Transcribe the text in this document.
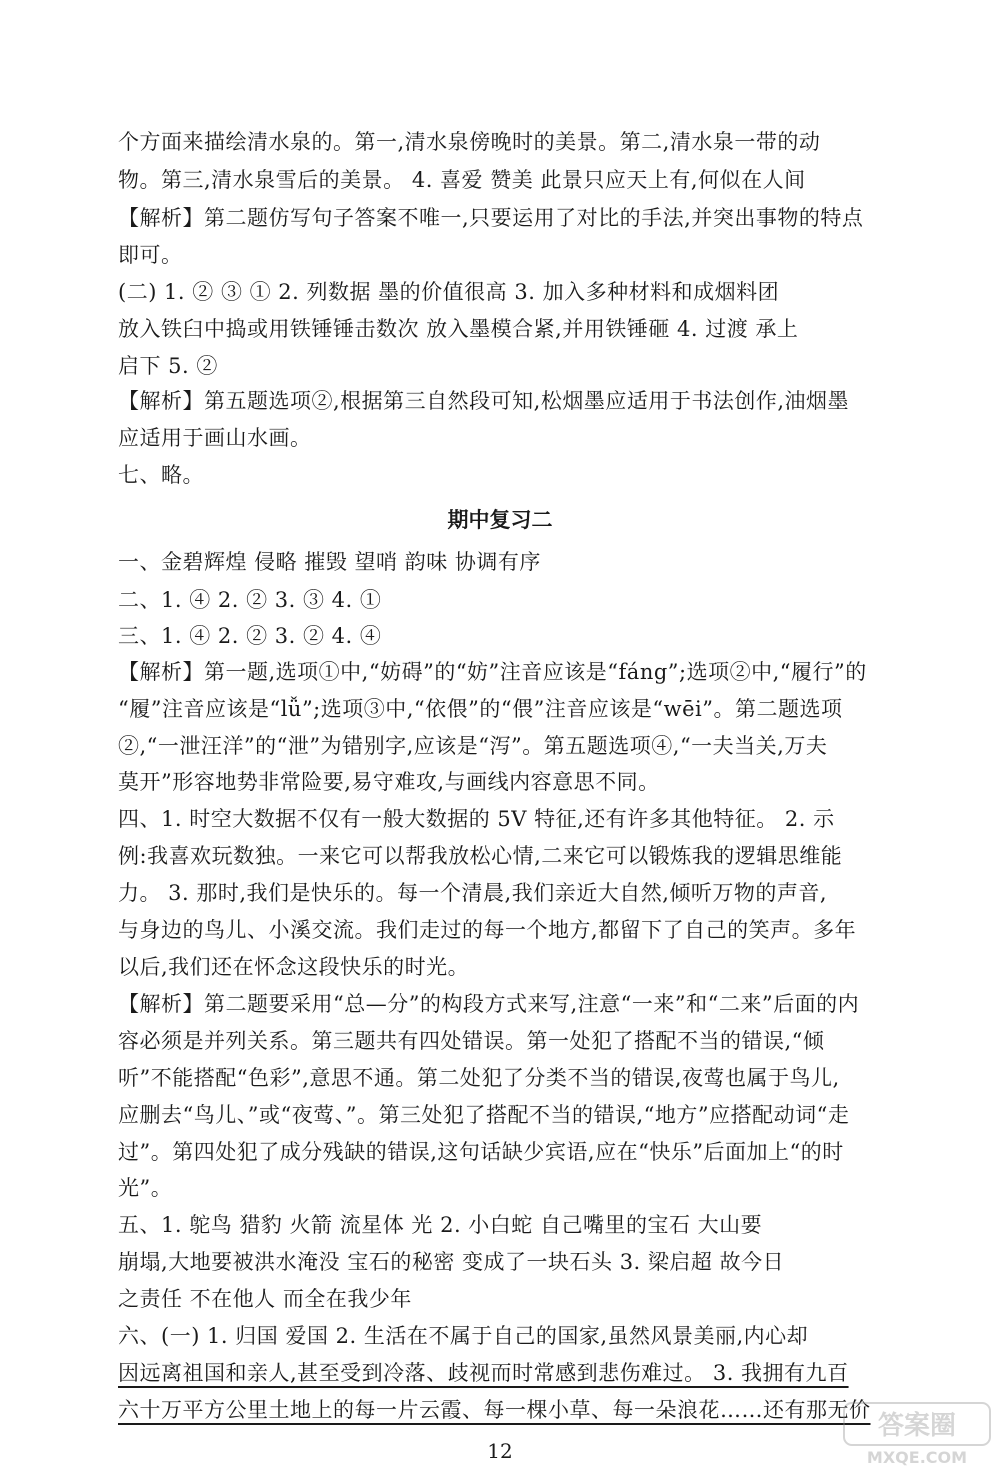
个方面来描绘清水泉的。第一,清水泉傍晚时的美景。第二,清水泉一带的动
物。第三,清水泉雪后的美景。 4. 喜爱 赞美 此景只应天上有,何似在人间
【解析】第二题仿写句子答案不唯一,只要运用了对比的手法,并突出事物的特点
即可。
(二) 1. ② ③ ① 2. 列数据 墨的价值很高 3. 加入多种材料和成烟料团
放入铁臼中捣或用铁锤锤击数次 放入墨模合紧,并用铁锤砸 4. 过渡 承上
启下 5. ②
【解析】第五题选项②,根据第三自然段可知,松烟墨应适用于书法创作,油烟墨
应适用于画山水画。
七、略。
期中复习二
一、金碧辉煌 侵略 摧毁 望哨 韵味 协调有序
二、1. ④ 2. ② 3. ③ 4. ①
三、1. ④ 2. ② 3. ② 4. ④
【解析】第一题,选项①中,“妨碍”的“妨”注音应该是“fáng”;选项②中,“履行”的
“履”注音应该是“lǚ”;选项③中,“依偎”的“偎”注音应该是“wēi”。第二题选项
②,“一泄汪洋”的“泄”为错别字,应该是“泻”。第五题选项④,“一夫当关,万夫
莫开”形容地势非常险要,易守难攻,与画线内容意思不同。
四、1. 时空大数据不仅有一般大数据的 5V 特征,还有许多其他特征。 2. 示
例:我喜欢玩数独。一来它可以帮我放松心情,二来它可以锻炼我的逻辑思维能
力。 3. 那时,我们是快乐的。每一个清晨,我们亲近大自然,倾听万物的声音,
与身边的鸟儿、小溪交流。我们走过的每一个地方,都留下了自己的笑声。多年
以后,我们还在怀念这段快乐的时光。
【解析】第二题要采用“总—分”的构段方式来写,注意“一来”和“二来”后面的内
容必须是并列关系。第三题共有四处错误。第一处犯了搭配不当的错误,“倾
听”不能搭配“色彩”,意思不通。第二处犯了分类不当的错误,夜莺也属于鸟儿,
应删去“鸟儿、”或“夜莺、”。第三处犯了搭配不当的错误,“地方”应搭配动词“走
过”。第四处犯了成分残缺的错误,这句话缺少宾语,应在“快乐”后面加上“的时
光”。
五、1. 鸵鸟 猎豹 火箭 流星体 光 2. 小白蛇 自己嘴里的宝石 大山要
崩塌,大地要被洪水淹没 宝石的秘密 变成了一块石头 3. 梁启超 故今日
之责任 不在他人 而全在我少年
六、(一) 1. 归国 爱国 2. 生活在不属于自己的国家,虽然风景美丽,内心却
因远离祖国和亲人,甚至受到冷落、歧视而时常感到悲伤难过。 3. 我拥有九百
六十万平方公里土地上的每一片云霞、每一棵小草、每一朵浪花……还有那无价
12
答案圈
MXQE.COM
